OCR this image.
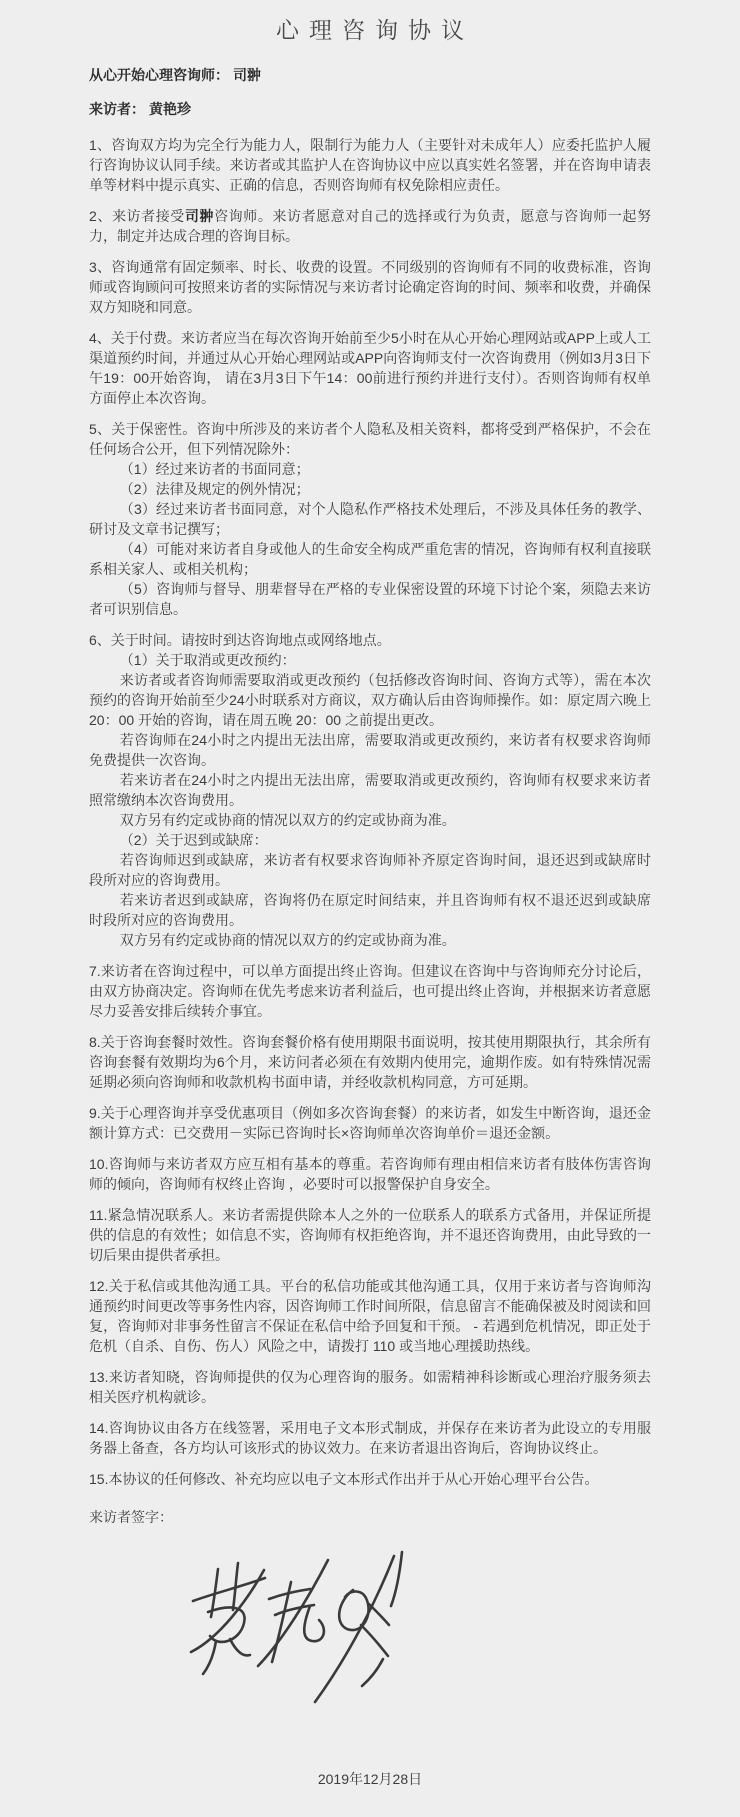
心理咨询协议

从心开始心理咨询师： 司翀

来访者： 黄艳珍

1、咨询双方均为完全行为能力人，限制行为能力人（主要针对未成年人）应委托监护人履行咨询协议认同手续。来访者或其监护人在咨询协议中应以真实姓名签署，并在咨询申请表单等材料中提示真实、正确的信息，否则咨询师有权免除相应责任。

2、来访者接受司翀咨询师。来访者愿意对自己的选择或行为负责，愿意与咨询师一起努力，制定并达成合理的咨询目标。

3、咨询通常有固定频率、时长、收费的设置。不同级别的咨询师有不同的收费标准，咨询师或咨询顾问可按照来访者的实际情况与来访者讨论确定咨询的时间、频率和收费，并确保双方知晓和同意。

4、关于付费。来访者应当在每次咨询开始前至少5小时在从心开始心理网站或APP上或人工渠道预约时间，并通过从心开始心理网站或APP向咨询师支付一次咨询费用（例如3月3日下午19：00开始咨询， 请在3月3日下午14：00前进行预约并进行支付）。否则咨询师有权单方面停止本次咨询。

5、关于保密性。咨询中所涉及的来访者个人隐私及相关资料，都将受到严格保护，不会在任何场合公开，但下列情况除外：

（1）经过来访者的书面同意；

（2）法律及规定的例外情况；

（3）经过来访者书面同意，对个人隐私作严格技术处理后，不涉及具体任务的教学、研讨及文章书记撰写；

（4）可能对来访者自身或他人的生命安全构成严重危害的情况，咨询师有权利直接联系相关家人、或相关机构；

（5）咨询师与督导、朋辈督导在严格的专业保密设置的环境下讨论个案，须隐去来访者可识别信息。

6、关于时间。请按时到达咨询地点或网络地点。

（1）关于取消或更改预约：

来访者或者咨询师需要取消或更改预约（包括修改咨询时间、咨询方式等），需在本次预约的咨询开始前至少24小时联系对方商议，双方确认后由咨询师操作。如：原定周六晚上 20：00 开始的咨询，请在周五晚 20：00 之前提出更改。

若咨询师在24小时之内提出无法出席，需要取消或更改预约，来访者有权要求咨询师免费提供一次咨询。

若来访者在24小时之内提出无法出席，需要取消或更改预约，咨询师有权要求来访者照常缴纳本次咨询费用。

双方另有约定或协商的情况以双方的约定或协商为准。

（2）关于迟到或缺席：

若咨询师迟到或缺席，来访者有权要求咨询师补齐原定咨询时间，退还迟到或缺席时段所对应的咨询费用。

若来访者迟到或缺席，咨询将仍在原定时间结束，并且咨询师有权不退还迟到或缺席时段所对应的咨询费用。

双方另有约定或协商的情况以双方的约定或协商为准。

7.来访者在咨询过程中，可以单方面提出终止咨询。但建议在咨询中与咨询师充分讨论后，由双方协商决定。咨询师在优先考虑来访者利益后，也可提出终止咨询，并根据来访者意愿尽力妥善安排后续转介事宜。

8.关于咨询套餐时效性。咨询套餐价格有使用期限书面说明，按其使用期限执行，其余所有咨询套餐有效期均为6个月，来访问者必须在有效期内使用完，逾期作废。如有特殊情况需延期必须向咨询师和收款机构书面申请，并经收款机构同意，方可延期。

9.关于心理咨询并享受优惠项目（例如多次咨询套餐）的来访者，如发生中断咨询，退还金额计算方式：已交费用－实际已咨询时长×咨询师单次咨询单价＝退还金额。

10.咨询师与来访者双方应互相有基本的尊重。若咨询师有理由相信来访者有肢体伤害咨询师的倾向，咨询师有权终止咨询 ，必要时可以报警保护自身安全。

11.紧急情况联系人。来访者需提供除本人之外的一位联系人的联系方式备用，并保证所提供的信息的有效性；如信息不实，咨询师有权拒绝咨询，并不退还咨询费用，由此导致的一切后果由提供者承担。

12.关于私信或其他沟通工具。平台的私信功能或其他沟通工具，仅用于来访者与咨询师沟通预约时间更改等事务性内容，因咨询师工作时间所限，信息留言不能确保被及时阅读和回复，咨询师对非事务性留言不保证在私信中给予回复和干预。 - 若遇到危机情况，即正处于危机（自杀、自伤、伤人）风险之中，请拨打 110 或当地心理援助热线。

13.来访者知晓，咨询师提供的仅为心理咨询的服务。如需精神科诊断或心理治疗服务须去相关医疗机构就诊。

14.咨询协议由各方在线签署，采用电子文本形式制成，并保存在来访者为此设立的专用服务器上备查，各方均认可该形式的协议效力。在来访者退出咨询后，咨询协议终止。

15.本协议的任何修改、补充均应以电子文本形式作出并于从心开始心理平台公告。

来访者签字：

2019年12月28日
